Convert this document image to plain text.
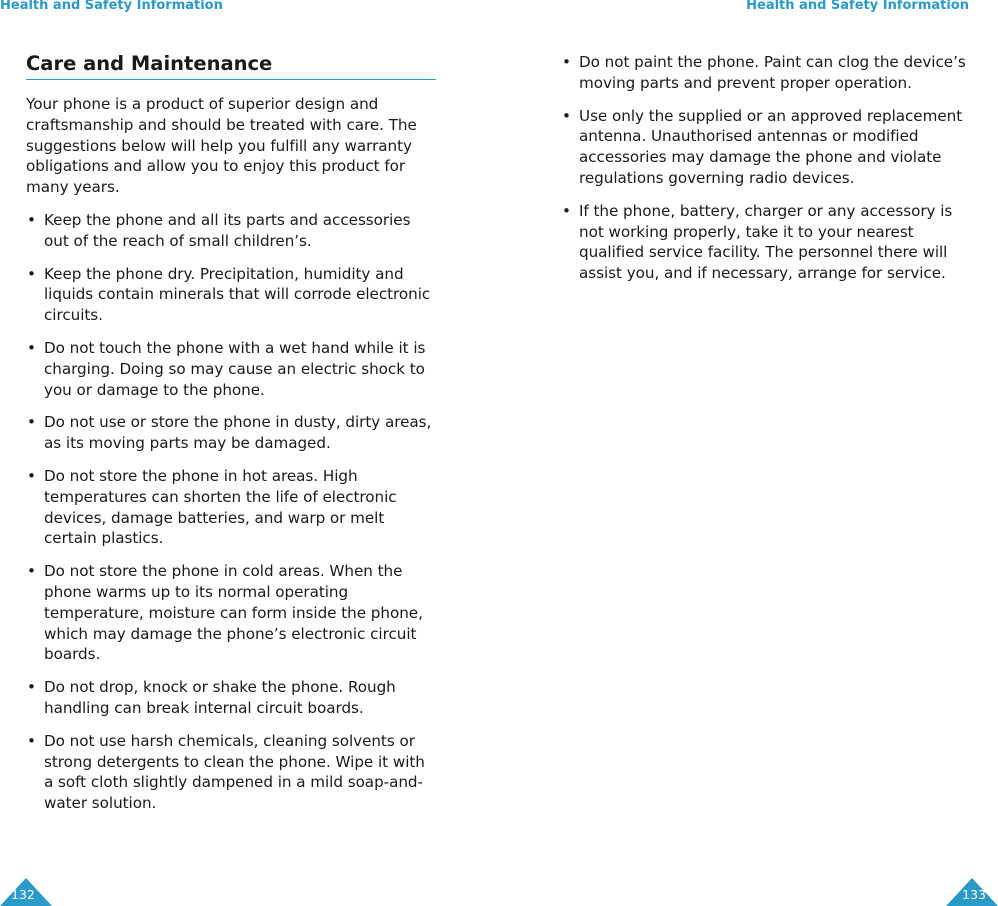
Health and Safety Information	Health and Safety Information
Care and Maintenance

Your phone is a product of superior design and craftsmanship and should be treated with care. The suggestions below will help you fulfill any warranty obligations and allow you to enjoy this product for many years.

• Keep the phone and all its parts and accessories out of the reach of small children’s.
• Keep the phone dry. Precipitation, humidity and liquids contain minerals that will corrode electronic circuits.
• Do not touch the phone with a wet hand while it is charging. Doing so may cause an electric shock to you or damage to the phone.
• Do not use or store the phone in dusty, dirty areas, as its moving parts may be damaged.
• Do not store the phone in hot areas. High temperatures can shorten the life of electronic devices, damage batteries, and warp or melt certain plastics.
• Do not store the phone in cold areas. When the phone warms up to its normal operating temperature, moisture can form inside the phone, which may damage the phone’s electronic circuit boards.
• Do not drop, knock or shake the phone. Rough handling can break internal circuit boards.
• Do not use harsh chemicals, cleaning solvents or strong detergents to clean the phone. Wipe it with a soft cloth slightly dampened in a mild soap-and-water solution.
• Do not paint the phone. Paint can clog the device’s moving parts and prevent proper operation.
• Use only the supplied or an approved replacement antenna. Unauthorised antennas or modified accessories may damage the phone and violate regulations governing radio devices.
• If the phone, battery, charger or any accessory is not working properly, take it to your nearest qualified service facility. The personnel there will assist you, and if necessary, arrange for service.
132	133
